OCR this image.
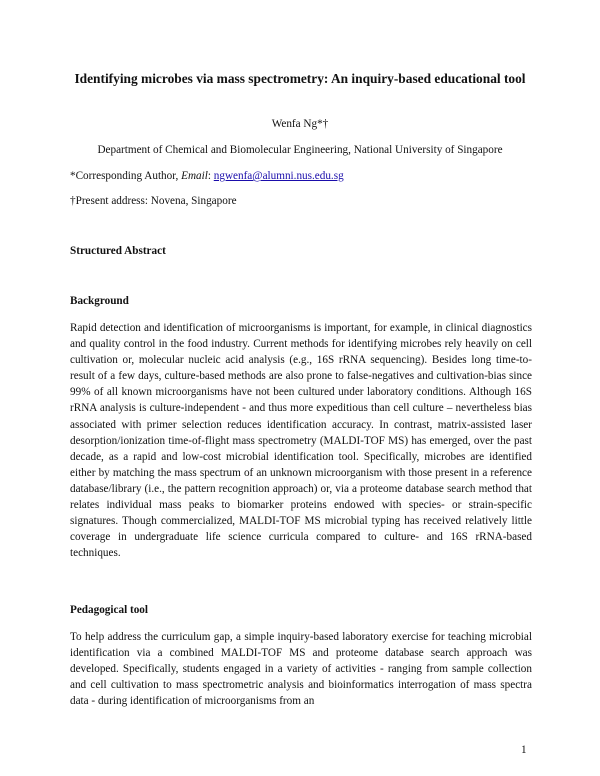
Identifying microbes via mass spectrometry: An inquiry-based educational tool
Wenfa Ng*†
Department of Chemical and Biomolecular Engineering, National University of Singapore
*Corresponding Author, Email: ngwenfa@alumni.nus.edu.sg
†Present address: Novena, Singapore
Structured Abstract
Background
Rapid detection and identification of microorganisms is important, for example, in clinical diagnostics and quality control in the food industry. Current methods for identifying microbes rely heavily on cell cultivation or, molecular nucleic acid analysis (e.g., 16S rRNA sequencing). Besides long time-to-result of a few days, culture-based methods are also prone to false-negatives and cultivation-bias since 99% of all known microorganisms have not been cultured under laboratory conditions. Although 16S rRNA analysis is culture-independent - and thus more expeditious than cell culture – nevertheless bias associated with primer selection reduces identification accuracy. In contrast, matrix-assisted laser desorption/ionization time-of-flight mass spectrometry (MALDI-TOF MS) has emerged, over the past decade, as a rapid and low-cost microbial identification tool. Specifically, microbes are identified either by matching the mass spectrum of an unknown microorganism with those present in a reference database/library (i.e., the pattern recognition approach) or, via a proteome database search method that relates individual mass peaks to biomarker proteins endowed with species- or strain-specific signatures. Though commercialized, MALDI-TOF MS microbial typing has received relatively little coverage in undergraduate life science curricula compared to culture- and 16S rRNA-based techniques.
Pedagogical tool
To help address the curriculum gap, a simple inquiry-based laboratory exercise for teaching microbial identification via a combined MALDI-TOF MS and proteome database search approach was developed. Specifically, students engaged in a variety of activities - ranging from sample collection and cell cultivation to mass spectrometric analysis and bioinformatics interrogation of mass spectra data - during identification of microorganisms from an
1
